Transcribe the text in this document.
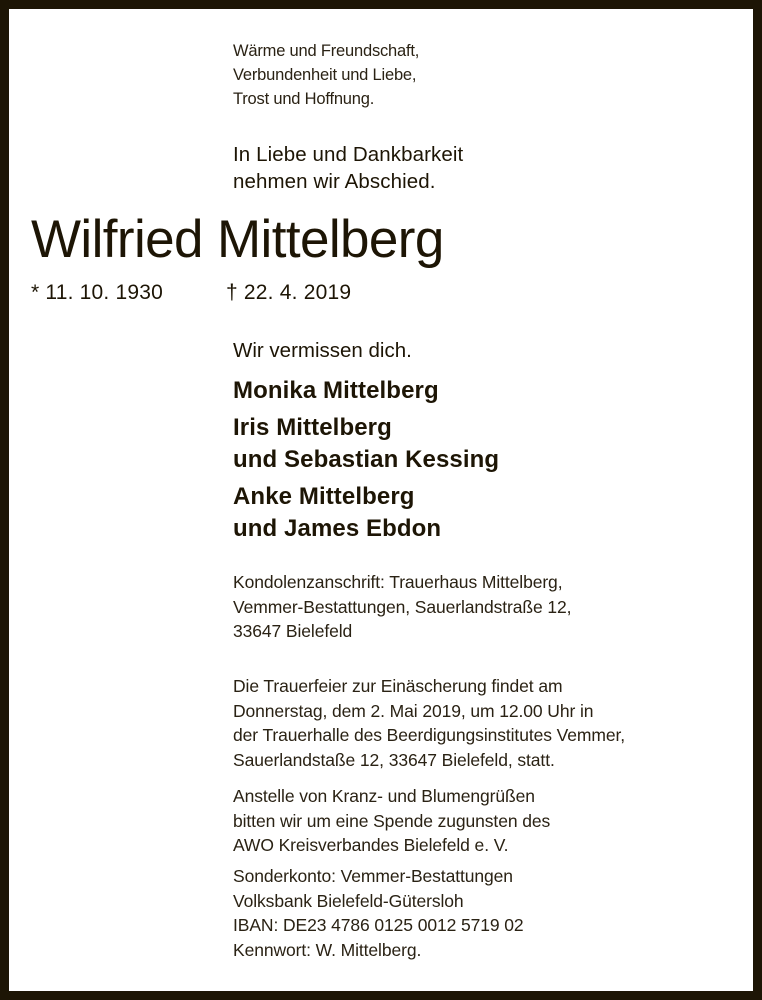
Wärme und Freundschaft,
Verbundenheit und Liebe,
Trost und Hoffnung.

In Liebe und Dankbarkeit
nehmen wir Abschied.

Wilfried Mittelberg
* 11. 10. 1930	† 22. 4. 2019

Wir vermissen dich.

Monika Mittelberg
Iris Mittelberg
und Sebastian Kessing
Anke Mittelberg
und James Ebdon

Kondolenzanschrift: Trauerhaus Mittelberg,
Vemmer-Bestattungen, Sauerlandstraße 12,
33647 Bielefeld

Die Trauerfeier zur Einäscherung findet am
Donnerstag, dem 2. Mai 2019, um 12.00 Uhr in
der Trauerhalle des Beerdigungsinstitutes Vemmer,
Sauerlandstaße 12, 33647 Bielefeld, statt.

Anstelle von Kranz- und Blumengrüßen
bitten wir um eine Spende zugunsten des
AWO Kreisverbandes Bielefeld e. V.

Sonderkonto: Vemmer-Bestattungen
Volksbank Bielefeld-Gütersloh
IBAN: DE23 4786 0125 0012 5719 02
Kennwort: W. Mittelberg.
